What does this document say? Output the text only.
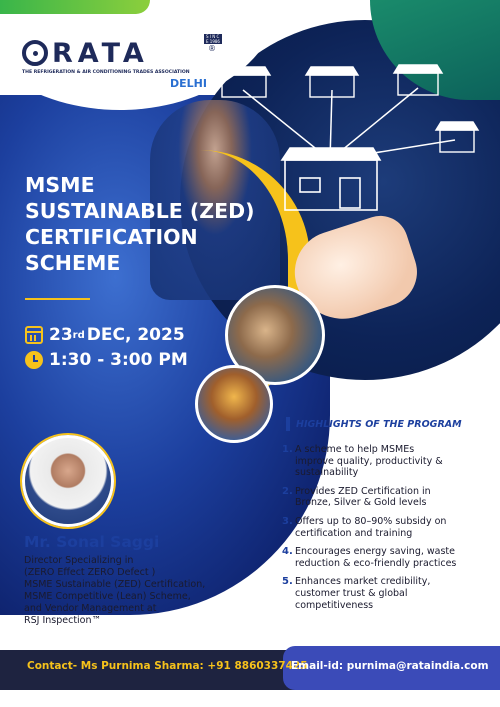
RATA
S I N C E 1986
®
THE REFRIGERATION & AIR CONDITIONING TRADES ASSOCIATION
DELHI
MSME
SUSTAINABLE (ZED)
CERTIFICATION
SCHEME
23 rd DEC, 2025
1:30 - 3:00 PM
Mr. Sonal Saggi
Director Specializing in
(ZERO Effect ZERO Defect )
MSME Sustainable (ZED) Certification,
MSME Competitive (Lean) Scheme,
and Vendor Management at
RSJ Inspection™
HIGHLIGHTS OF THE PROGRAM
1. A scheme to help MSMEs
improve quality, productivity &
sustainability
2. Provides ZED Certification in
Bronze, Silver & Gold levels
3. Offers up to 80–90% subsidy on
certification and training
4. Encourages energy saving, waste
reduction & eco-friendly practices
5. Enhances market credibility,
customer trust & global
competitiveness
Contact- Ms Purnima Sharma: +91 8860337425
Email-id: purnima@rataindia.com
